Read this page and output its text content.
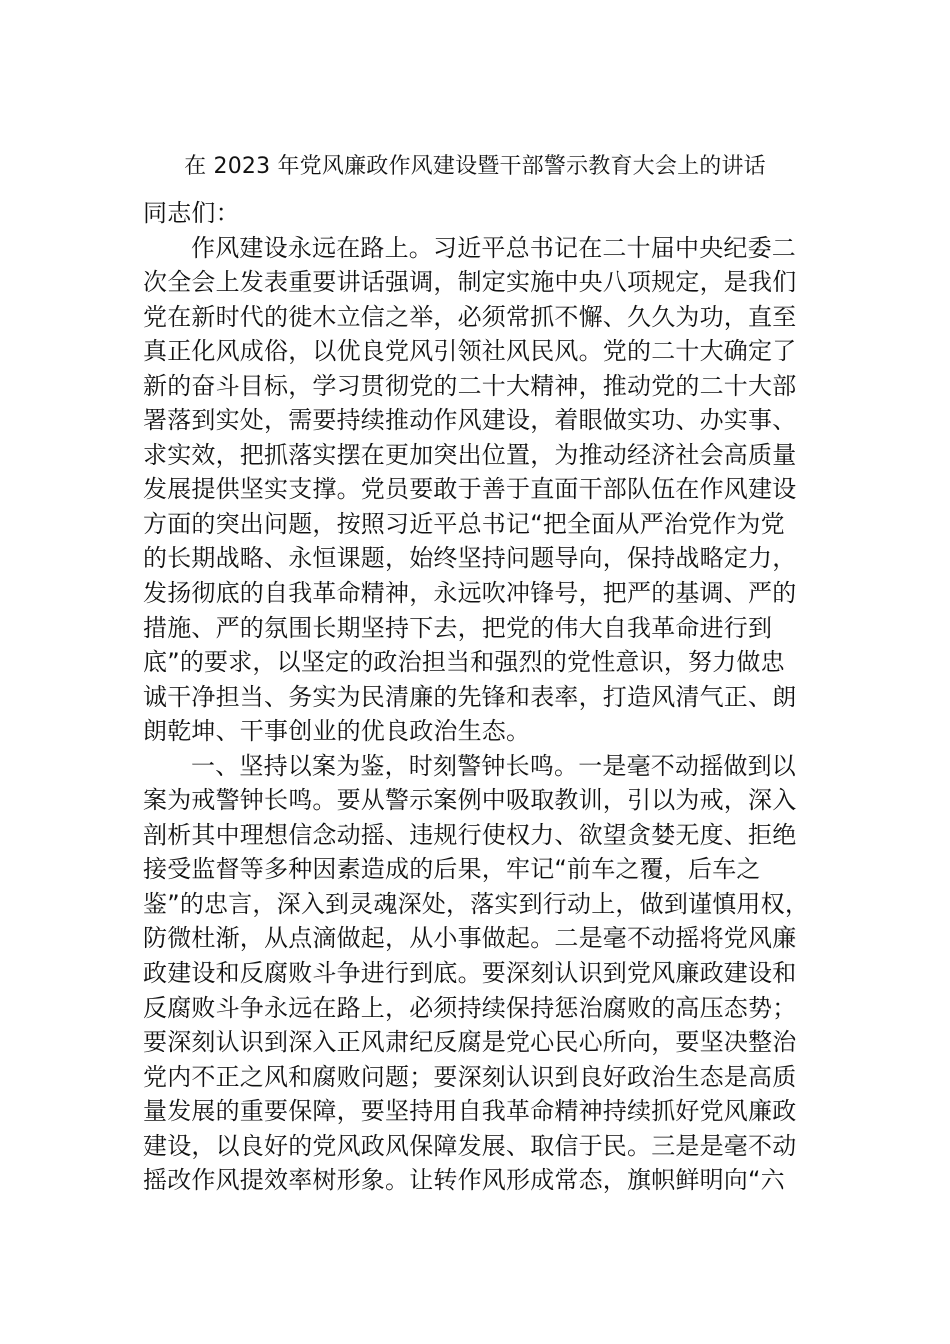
在 2023 年党风廉政作风建设暨干部警示教育大会上的讲话
同志们：
作风建设永远在路上。习近平总书记在二十届中央纪委二
次全会上发表重要讲话强调，制定实施中央八项规定，是我们
党在新时代的徙木立信之举，必须常抓不懈、久久为功，直至
真正化风成俗，以优良党风引领社风民风。党的二十大确定了
新的奋斗目标，学习贯彻党的二十大精神，推动党的二十大部
署落到实处，需要持续推动作风建设，着眼做实功、办实事、
求实效，把抓落实摆在更加突出位置，为推动经济社会高质量
发展提供坚实支撑。党员要敢于善于直面干部队伍在作风建设
方面的突出问题，按照习近平总书记“把全面从严治党作为党
的长期战略、永恒课题，始终坚持问题导向，保持战略定力，
发扬彻底的自我革命精神，永远吹冲锋号，把严的基调、严的
措施、严的氛围长期坚持下去，把党的伟大自我革命进行到
底”的要求，以坚定的政治担当和强烈的党性意识，努力做忠
诚干净担当、务实为民清廉的先锋和表率，打造风清气正、朗
朗乾坤、干事创业的优良政治生态。
一、坚持以案为鉴，时刻警钟长鸣。一是毫不动摇做到以
案为戒警钟长鸣。要从警示案例中吸取教训，引以为戒，深入
剖析其中理想信念动摇、违规行使权力、欲望贪婪无度、拒绝
接受监督等多种因素造成的后果，牢记“前车之覆，后车之
鉴”的忠言，深入到灵魂深处，落实到行动上，做到谨慎用权，
防微杜渐，从点滴做起，从小事做起。二是毫不动摇将党风廉
政建设和反腐败斗争进行到底。要深刻认识到党风廉政建设和
反腐败斗争永远在路上，必须持续保持惩治腐败的高压态势；
要深刻认识到深入正风肃纪反腐是党心民心所向，要坚决整治
党内不正之风和腐败问题；要深刻认识到良好政治生态是高质
量发展的重要保障，要坚持用自我革命精神持续抓好党风廉政
建设，以良好的党风政风保障发展、取信于民。三是是毫不动
摇改作风提效率树形象。让转作风形成常态，旗帜鲜明向“六
